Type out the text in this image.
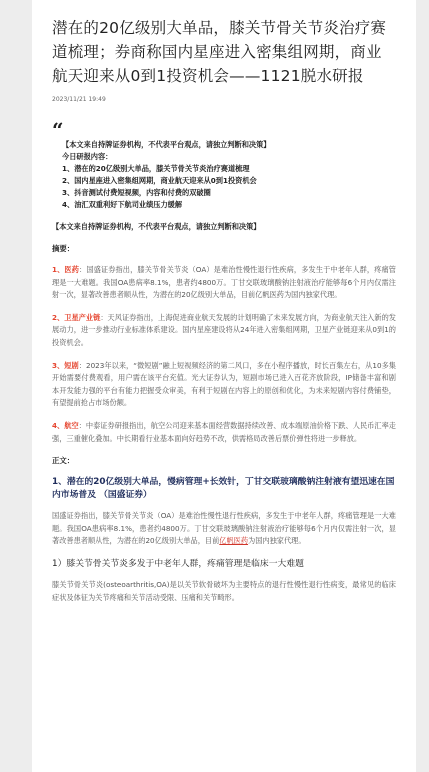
潜在的20亿级别大单品，膝关节骨关节炎治疗赛道梳理；券商称国内星座进入密集组网期，商业航天迎来从0到1投资机会——1121脱水研报
2023/11/21 19:49
“

【本文来自持牌证券机构，不代表平台观点，请独立判断和决策】

今日研报内容：

1、潜在的20亿级别大单品，膝关节骨关节炎治疗赛道梳理

2、国内星座进入密集组网期，商业航天迎来从0到1投资机会

3、抖音测试付费短视频，内容和付费的双破圈

4、油汇双重利好下航司业绩压力缓解

【本文来自持牌证券机构，不代表平台观点，请独立判断和决策】

摘要：

1、医药：国盛证券指出，膝关节骨关节炎（OA）是难治性慢性退行性疾病，多发生于中老年人群，疼痛管理是一大难题。我国OA患病率8.1%，患者约4800万。丁甘交联玻璃酸钠注射液治疗能够每6个月内仅需注射一次，显著改善患者顺从性，为潜在的20亿级别大单品，目前亿帆医药为国内独家代理。

2、卫星产业链：天风证券指出，上海促进商业航天发展的计划明确了未来发展方向，为商业航天注入新的发展动力，进一步推动行业标准体系建设。国内星座建设将从24年进入密集组网期，卫星产业链迎来从0到1的投资机会。

3、短剧：2023年以来，“微短剧”融上短视频经济的第二风口，多在小程序播放，时长百集左右，从10多集开始需要付费观看，用户需在该平台充值。光大证券认为，短剧市场已进入百花齐放阶段，IP储备丰富和剧本开发能力强的平台有能力把握受众审美，有利于短剧在内容上的原创和优化，为未来短剧内容付费铺垫，有望提前抢占市场份额。

4、航空：中泰证券研报指出，航空公司迎来基本面经营数据持续改善、成本端原油价格下跌、人民币汇率走强，三重催化叠加。中长期看行业基本面向好趋势不改，供需格局改善后票价弹性将进一步释放。

正文：

1、潜在的20亿级别大单品，慢病管理+长效针，丁甘交联玻璃酸钠注射液有望迅速在国内市场普及 （国盛证券）

国盛证券指出，膝关节骨关节炎（OA）是难治性慢性退行性疾病，多发生于中老年人群，疼痛管理是一大难题。我国OA患病率8.1%，患者约4800万。丁甘交联玻璃酸钠注射液治疗能够每6个月内仅需注射一次，显著改善患者顺从性，为潜在的20亿级别大单品，目前亿帆医药为国内独家代理。

1）膝关节骨关节炎多发于中老年人群，疼痛管理是临床一大难题

膝关节骨关节炎(osteoarthritis,OA)是以关节软骨破坏为主要特点的退行性慢性退行性病变，最常见的临床症状及体征为关节疼痛和关节活动受限、压痛和关节畸形。
